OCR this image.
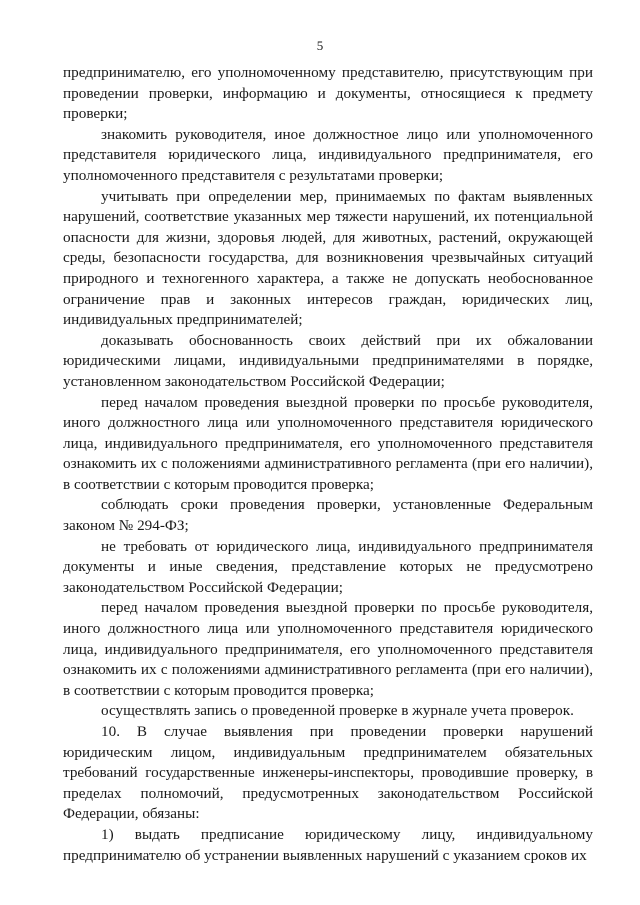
5

предпринимателю, его уполномоченному представителю, присутствующим при проведении проверки, информацию и документы, относящиеся к предмету проверки;

знакомить руководителя, иное должностное лицо или уполномоченного представителя юридического лица, индивидуального предпринимателя, его уполномоченного представителя с результатами проверки;

учитывать при определении мер, принимаемых по фактам выявленных нарушений, соответствие указанных мер тяжести нарушений, их потенциальной опасности для жизни, здоровья людей, для животных, растений, окружающей среды, безопасности государства, для возникновения чрезвычайных ситуаций природного и техногенного характера, а также не допускать необоснованное ограничение прав и законных интересов граждан, юридических лиц, индивидуальных предпринимателей;

доказывать обоснованность своих действий при их обжаловании юридическими лицами, индивидуальными предпринимателями в порядке, установленном законодательством Российской Федерации;

перед началом проведения выездной проверки по просьбе руководителя, иного должностного лица или уполномоченного представителя юридического лица, индивидуального предпринимателя, его уполномоченного представителя ознакомить их с положениями административного регламента (при его наличии), в соответствии с которым проводится проверка;

соблюдать сроки проведения проверки, установленные Федеральным законом № 294-ФЗ;

не требовать от юридического лица, индивидуального предпринимателя документы и иные сведения, представление которых не предусмотрено законодательством Российской Федерации;

перед началом проведения выездной проверки по просьбе руководителя, иного должностного лица или уполномоченного представителя юридического лица, индивидуального предпринимателя, его уполномоченного представителя ознакомить их с положениями административного регламента (при его наличии), в соответствии с которым проводится проверка;

осуществлять запись о проведенной проверке в журнале учета проверок.

10. В случае выявления при проведении проверки нарушений юридическим лицом, индивидуальным предпринимателем обязательных требований государственные инженеры-инспекторы, проводившие проверку, в пределах полномочий, предусмотренных законодательством Российской Федерации, обязаны:

1) выдать предписание юридическому лицу, индивидуальному предпринимателю об устранении выявленных нарушений с указанием сроков их
